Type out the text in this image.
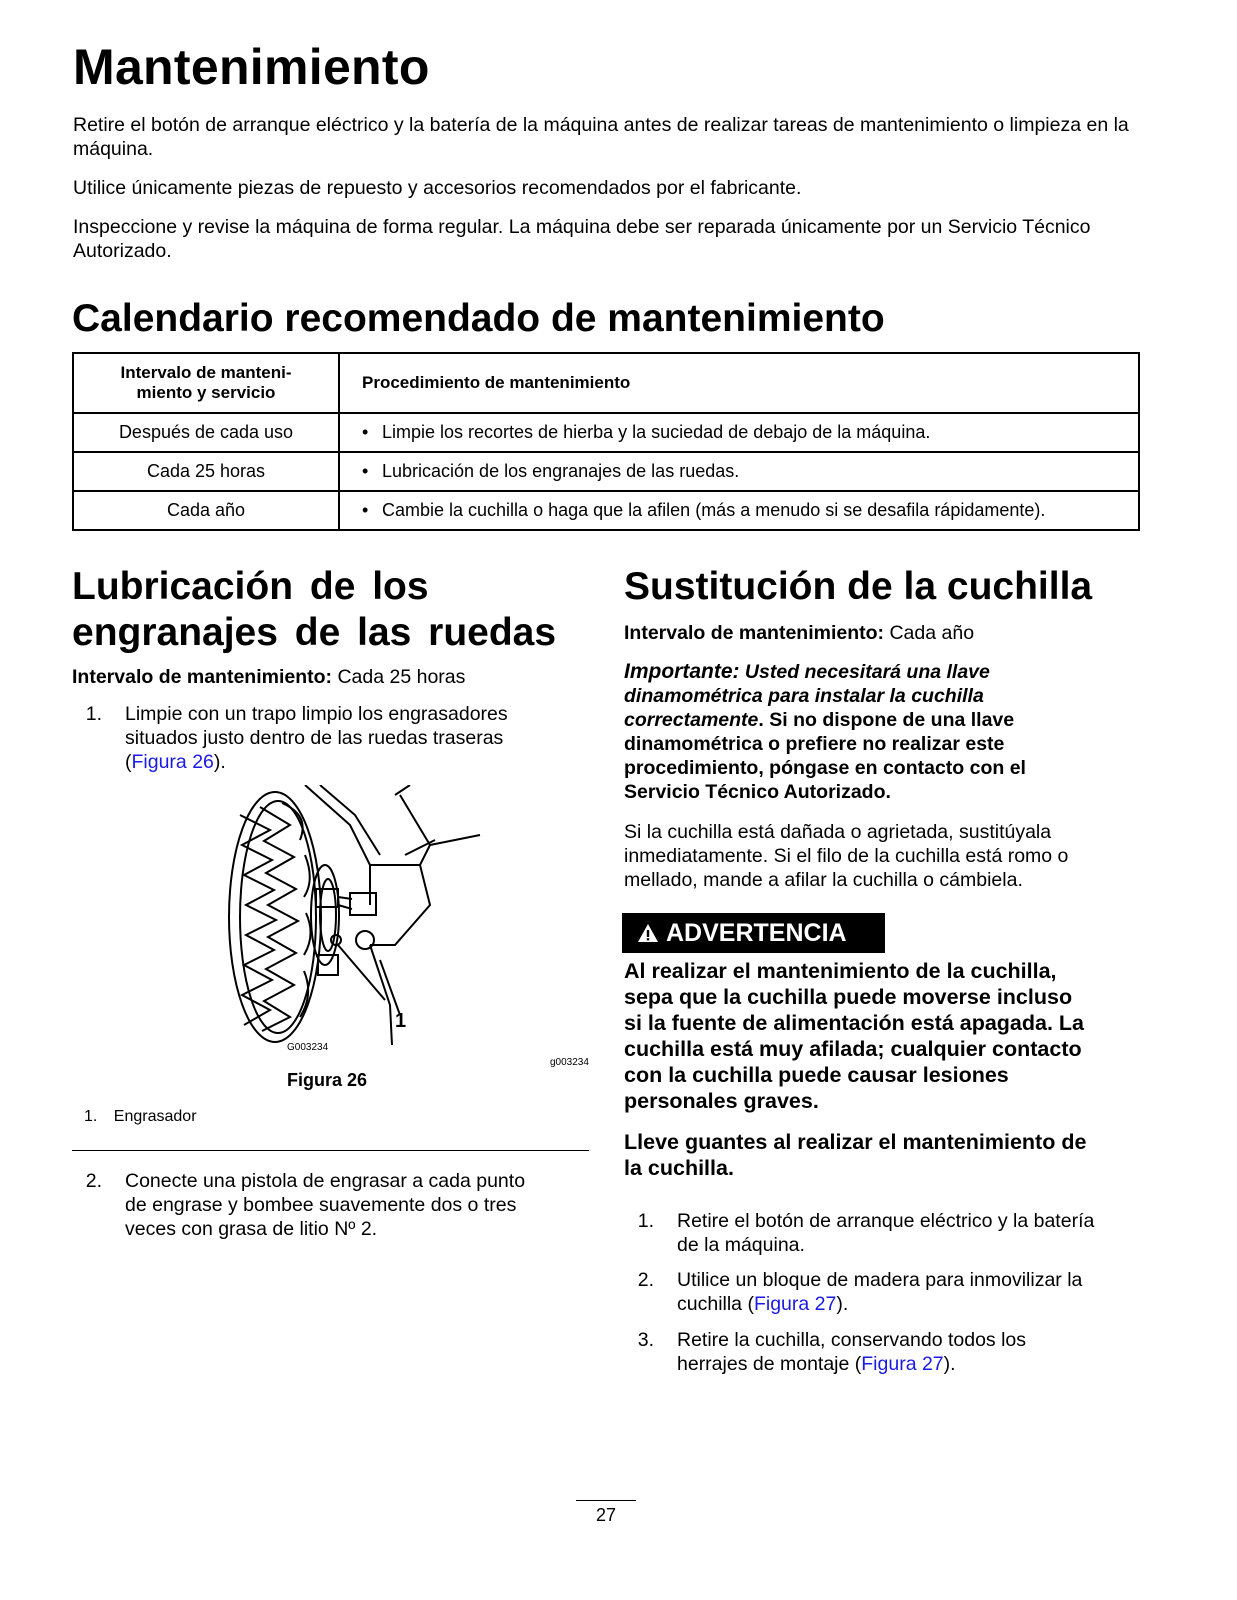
Mantenimiento

Retire el botón de arranque eléctrico y la batería de la máquina antes de realizar tareas de mantenimiento o limpieza en la máquina.

Utilice únicamente piezas de repuesto y accesorios recomendados por el fabricante.

Inspeccione y revise la máquina de forma regular. La máquina debe ser reparada únicamente por un Servicio Técnico Autorizado.

Calendario recomendado de mantenimiento
Intervalo de manteni-
miento y servicio	Procedimiento de mantenimiento
Después de cada uso	• Limpie los recortes de hierba y la suciedad de debajo de la máquina.
Cada 25 horas	• Lubricación de los engranajes de las ruedas.
Cada año	• Cambie la cuchilla o haga que la afilen (más a menudo si se desafila rápidamente).
Lubricación de los
engranajes de las ruedas
Intervalo de mantenimiento: Cada 25 horas
1. Limpie con un trapo limpio los engrasadores
situados justo dentro de las ruedas traseras
(Figura 26).
1
G003234
g003234
Figura 26
1. Engrasador
2. Conecte una pistola de engrasar a cada punto
de engrase y bombee suavemente dos o tres
veces con grasa de litio Nº 2.
Sustitución de la cuchilla
Intervalo de mantenimiento: Cada año
Importante: Usted necesitará una llave
dinamométrica para instalar la cuchilla
correctamente. Si no dispone de una llave
dinamométrica o prefiere no realizar este
procedimiento, póngase en contacto con el
Servicio Técnico Autorizado.
Si la cuchilla está dañada o agrietada, sustitúyala
inmediatamente. Si el filo de la cuchilla está romo o
mellado, mande a afilar la cuchilla o cámbiela.
ADVERTENCIA
Al realizar el mantenimiento de la cuchilla,
sepa que la cuchilla puede moverse incluso
si la fuente de alimentación está apagada. La
cuchilla está muy afilada; cualquier contacto
con la cuchilla puede causar lesiones
personales graves.
Lleve guantes al realizar el mantenimiento de
la cuchilla.
1. Retire el botón de arranque eléctrico y la batería
de la máquina.
2. Utilice un bloque de madera para inmovilizar la
cuchilla (Figura 27).
3. Retire la cuchilla, conservando todos los
herrajes de montaje (Figura 27).
27
